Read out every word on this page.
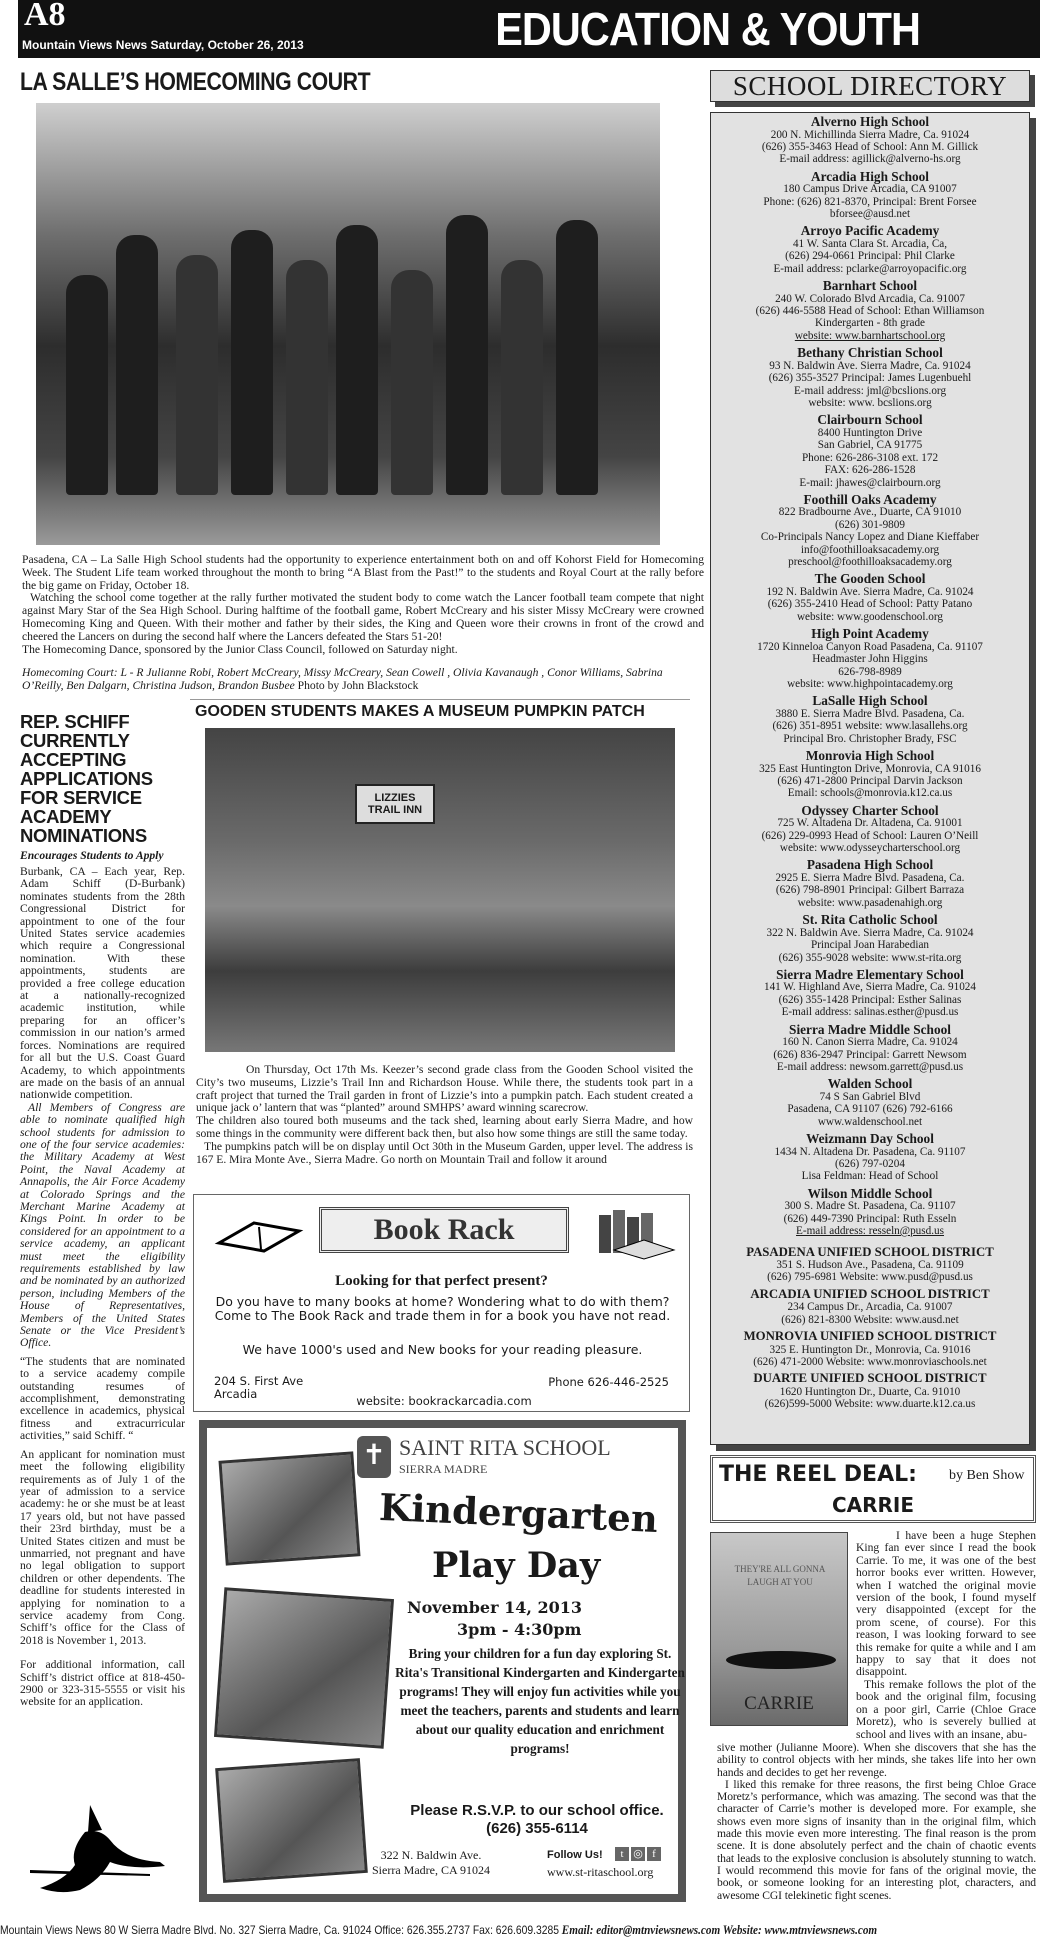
A8
Mountain Views News Saturday, October 26, 2013	EDUCATION & YOUTH
LA SALLE’S HOMECOMING COURT

Pasadena, CA – La Salle High School students had the opportunity to experience entertainment both on and off Kohorst Field for Homecoming Week. The Student Life team worked throughout the month to bring “A Blast from the Past!” to the students and Royal Court at the rally before the big game on Friday, October 18.

Watching the school come together at the rally further motivated the student body to come watch the Lancer football team compete that night against Mary Star of the Sea High School. During halftime of the football game, Robert McCreary and his sister Missy McCreary were crowned Homecoming King and Queen. With their mother and father by their sides, the King and Queen wore their crowns in front of the crowd and cheered the Lancers on during the second half where the Lancers defeated the Stars 51-20!

The Homecoming Dance, sponsored by the Junior Class Council, followed on Saturday night.

Homecoming Court: L - R Julianne Robi, Robert McCreary, Missy McCreary, Sean Cowell , Olivia Kavanaugh , Conor Williams, Sabrina O’Reilly, Ben Dalgarn, Christina Judson, Brandon Busbee Photo by John Blackstock
GOODEN STUDENTS MAKES A MUSEUM PUMPKIN PATCH
LIZZIES TRAIL INN

On Thursday, Oct 17th Ms. Keezer’s second grade class from the Gooden School visited the City’s two museums, Lizzie’s Trail Inn and Richardson House. While there, the students took part in a craft project that turned the Trail garden in front of Lizzie’s into a pumpkin patch. Each student created a unique jack o’ lantern that was “planted” around SMHPS’ award winning scarecrow.

The children also toured both museums and the tack shed, learning about early Sierra Madre, and how some things in the community were different back then, but also how some things are still the same today.

The pumpkins patch will be on display until Oct 30th in the Museum Garden, upper level. The address is 167 E. Mira Monte Ave., Sierra Madre. Go north on Mountain Trail and follow it around

REP. SCHIFF CURRENTLY ACCEPTING APPLICATIONS FOR SERVICE ACADEMY NOMINATIONS
Encourages Students to Apply

Burbank, CA – Each year, Rep. Adam Schiff (D-Burbank) nominates students from the 28th Congressional District for appointment to one of the four United States service academies which require a Congressional nomination. With these appointments, students are provided a free college education at a nationally-recognized academic institution, while preparing for an officer’s commission in our nation’s armed forces. Nominations are required for all but the U.S. Coast Guard Academy, to which appointments are made on the basis of an annual nationwide competition.

All Members of Congress are able to nominate qualified high school students for admission to one of the four service academies: the Military Academy at West Point, the Naval Academy at Annapolis, the Air Force Academy at Colorado Springs and the Merchant Marine Academy at Kings Point. In order to be considered for an appointment to a service academy, an applicant must meet the eligibility requirements established by law and be nominated by an authorized person, including Members of the House of Representatives, Members of the United States Senate or the Vice President’s Office.

“The students that are nominated to a service academy compile outstanding resumes of accomplishment, demonstrating excellence in academics, physical fitness and extracurricular activities,” said Schiff. “

An applicant for nomination must meet the following eligibility requirements as of July 1 of the year of admission to a service academy: he or she must be at least 17 years old, but not have passed their 23rd birthday, must be a United States citizen and must be unmarried, not pregnant and have no legal obligation to support children or other dependents. The deadline for students interested in applying for nomination to a service academy from Cong. Schiff’s office for the Class of 2018 is November 1, 2013.

For additional information, call Schiff’s district office at 818-450-2900 or 323-315-5555 or visit his website for an application.

Book Rack
Looking for that perfect present?
Do you have to many books at home? Wondering what to do with them? Come to The Book Rack and trade them in for a book you have not read.
We have 1000's used and New books for your reading pleasure.
204 S. First Ave
Arcadia
Phone 626-446-2525
website: bookrackarcadia.com
✝ SAINT RITA SCHOOL
SIERRA MADRE
Kindergarten
Play Day
November 14, 2013
3pm - 4:30pm
Bring your children for a fun day exploring St. Rita's Transitional Kindergarten and Kindergarten programs! They will enjoy fun activities while you meet the teachers, parents and students and learn about our quality education and enrichment programs!
Please R.S.V.P. to our school office.
(626) 355-6114
322 N. Baldwin Ave.
Sierra Madre, CA 91024
Follow Us!	t ◎ f
www.st-ritaschool.org
SCHOOL DIRECTORY
Alverno High School
200 N. Michillinda Sierra Madre, Ca. 91024
(626) 355-3463 Head of School: Ann M. Gillick
E-mail address: agillick@alverno-hs.org
Arcadia High School
180 Campus Drive Arcadia, CA 91007
Phone: (626) 821-8370, Principal: Brent Forsee
bforsee@ausd.net
Arroyo Pacific Academy
41 W. Santa Clara St. Arcadia, Ca,
(626) 294-0661 Principal: Phil Clarke
E-mail address: pclarke@arroyopacific.org
Barnhart School
240 W. Colorado Blvd Arcadia, Ca. 91007
(626) 446-5588 Head of School: Ethan Williamson
Kindergarten - 8th grade
website: www.barnhartschool.org
Bethany Christian School
93 N. Baldwin Ave. Sierra Madre, Ca. 91024
(626) 355-3527 Principal: James Lugenbuehl
E-mail address: jml@bcslions.org
website: www. bcslions.org
Clairbourn School
8400 Huntington Drive
San Gabriel, CA 91775
Phone: 626-286-3108 ext. 172
FAX: 626-286-1528
E-mail: jhawes@clairbourn.org
Foothill Oaks Academy
822 Bradbourne Ave., Duarte, CA 91010
(626) 301-9809
Co-Principals Nancy Lopez and Diane Kieffaber
info@foothilloaksacademy.org
preschool@foothilloaksacademy.org
The Gooden School
192 N. Baldwin Ave. Sierra Madre, Ca. 91024
(626) 355-2410 Head of School: Patty Patano
website: www.goodenschool.org
High Point Academy
1720 Kinneloa Canyon Road Pasadena, Ca. 91107
Headmaster John Higgins
626-798-8989
website: www.highpointacademy.org
LaSalle High School
3880 E. Sierra Madre Blvd. Pasadena, Ca.
(626) 351-8951 website: www.lasallehs.org
Principal Bro. Christopher Brady, FSC
Monrovia High School
325 East Huntington Drive, Monrovia, CA 91016
(626) 471-2800 Principal Darvin Jackson
Email: schools@monrovia.k12.ca.us
Odyssey Charter School
725 W. Altadena Dr. Altadena, Ca. 91001
(626) 229-0993 Head of School: Lauren O’Neill
website: www.odysseycharterschool.org
Pasadena High School
2925 E. Sierra Madre Blvd. Pasadena, Ca.
(626) 798-8901 Principal: Gilbert Barraza
website: www.pasadenahigh.org
St. Rita Catholic School
322 N. Baldwin Ave. Sierra Madre, Ca. 91024
Principal Joan Harabedian
(626) 355-9028 website: www.st-rita.org
Sierra Madre Elementary School
141 W. Highland Ave, Sierra Madre, Ca. 91024
(626) 355-1428 Principal: Esther Salinas
E-mail address: salinas.esther@pusd.us
Sierra Madre Middle School
160 N. Canon Sierra Madre, Ca. 91024
(626) 836-2947 Principal: Garrett Newsom
E-mail address: newsom.garrett@pusd.us
Walden School
74 S San Gabriel Blvd
Pasadena, CA 91107 (626) 792-6166
www.waldenschool.net
Weizmann Day School
1434 N. Altadena Dr. Pasadena, Ca. 91107
(626) 797-0204
Lisa Feldman: Head of School
Wilson Middle School
300 S. Madre St. Pasadena, Ca. 91107
(626) 449-7390 Principal: Ruth Esseln
E-mail address: resseln@pusd.us
PASADENA UNIFIED SCHOOL DISTRICT
351 S. Hudson Ave., Pasadena, Ca. 91109
(626) 795-6981 Website: www.pusd@pusd.us
ARCADIA UNIFIED SCHOOL DISTRICT
234 Campus Dr., Arcadia, Ca. 91007
(626) 821-8300 Website: www.ausd.net
MONROVIA UNIFIED SCHOOL DISTRICT
325 E. Huntington Dr., Monrovia, Ca. 91016
(626) 471-2000 Website: www.monroviaschools.net
DUARTE UNIFIED SCHOOL DISTRICT
1620 Huntington Dr., Duarte, Ca. 91010
(626)599-5000 Website: www.duarte.k12.ca.us
THE REEL DEAL: by Ben Show
CARRIE
THEY'RE ALL GONNA LAUGH AT YOU
CARRIE

I have been a huge Stephen King fan ever since I read the book Carrie. To me, it was one of the best horror books ever written. However, when I watched the original movie version of the book, I found myself very disappointed (except for the prom scene, of course). For this reason, I was looking forward to see this remake for quite a while and I am happy to say that it does not disappoint.

This remake follows the plot of the book and the original film, focusing on a poor girl, Carrie (Chloe Grace Moretz), who is severely bullied at school and lives with an insane, abu-

sive mother (Julianne Moore). When she discovers that she has the ability to control objects with her minds, she takes life into her own hands and decides to get her revenge.

I liked this remake for three reasons, the first being Chloe Grace Moretz’s performance, which was amazing. The second was that the character of Carrie’s mother is developed more. For example, she shows even more signs of insanity than in the original film, which made this movie even more interesting. The final reason is the prom scene. It is done absolutely perfect and the chain of chaotic events that leads to the explosive conclusion is absolutely stunning to watch. I would recommend this movie for fans of the original movie, the book, or someone looking for an interesting plot, characters, and awesome CGI telekinetic fight scenes.

Mountain Views News 80 W Sierra Madre Blvd. No. 327 Sierra Madre, Ca. 91024 Office: 626.355.2737 Fax: 626.609.3285 Email: editor@mtnviewsnews.com Website: www.mtnviewsnews.com
